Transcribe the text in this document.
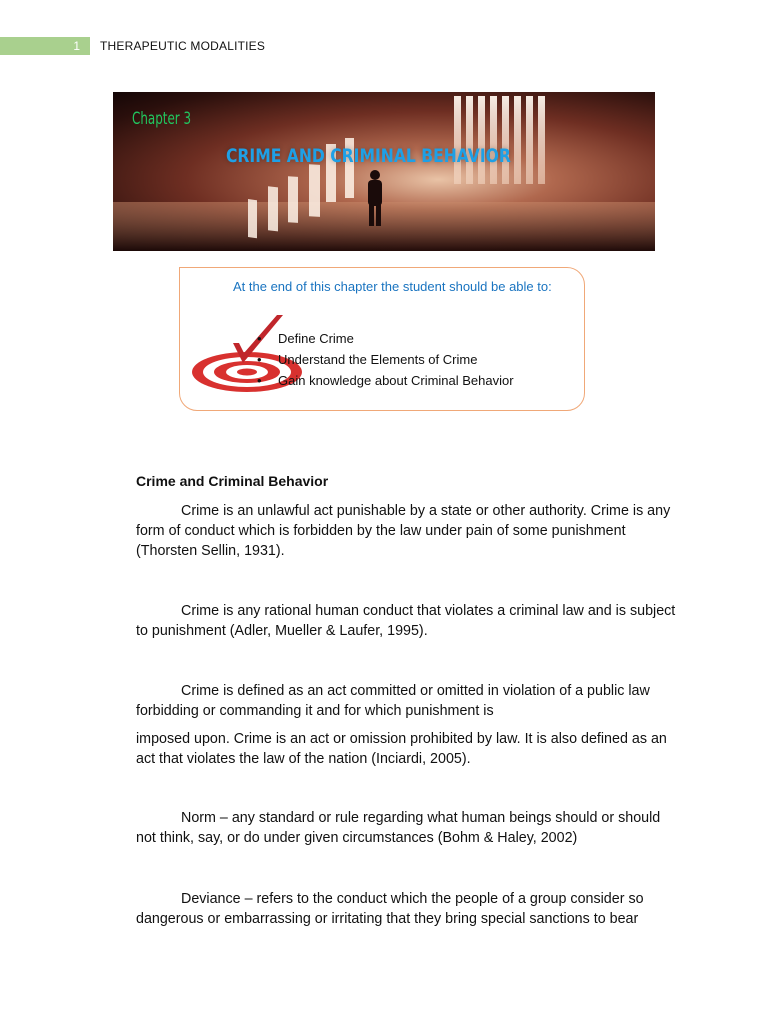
1	THERAPEUTIC MODALITIES
Chapter 3
CRIME AND CRIMINAL BEHAVIOR
At the end of this chapter the student should be able to:
• Define Crime
• Understand the Elements of Crime
• Gain knowledge about Criminal Behavior
Crime and Criminal Behavior

Crime is an unlawful act punishable by a state or other authority. Crime is any form of conduct which is forbidden by the law under pain of some punishment (Thorsten Sellin, 1931).

Crime is any rational human conduct that violates a criminal law and is subject to punishment (Adler, Mueller & Laufer, 1995).

Crime is defined as an act committed or omitted in violation of a public law forbidding or commanding it and for which punishment is

imposed upon. Crime is an act or omission prohibited by law. It is also defined as an act that violates the law of the nation (Inciardi, 2005).

Norm – any standard or rule regarding what human beings should or should not think, say, or do under given circumstances (Bohm & Haley, 2002)

Deviance – refers to the conduct which the people of a group consider so dangerous or embarrassing or irritating that they bring special sanctions to bear
